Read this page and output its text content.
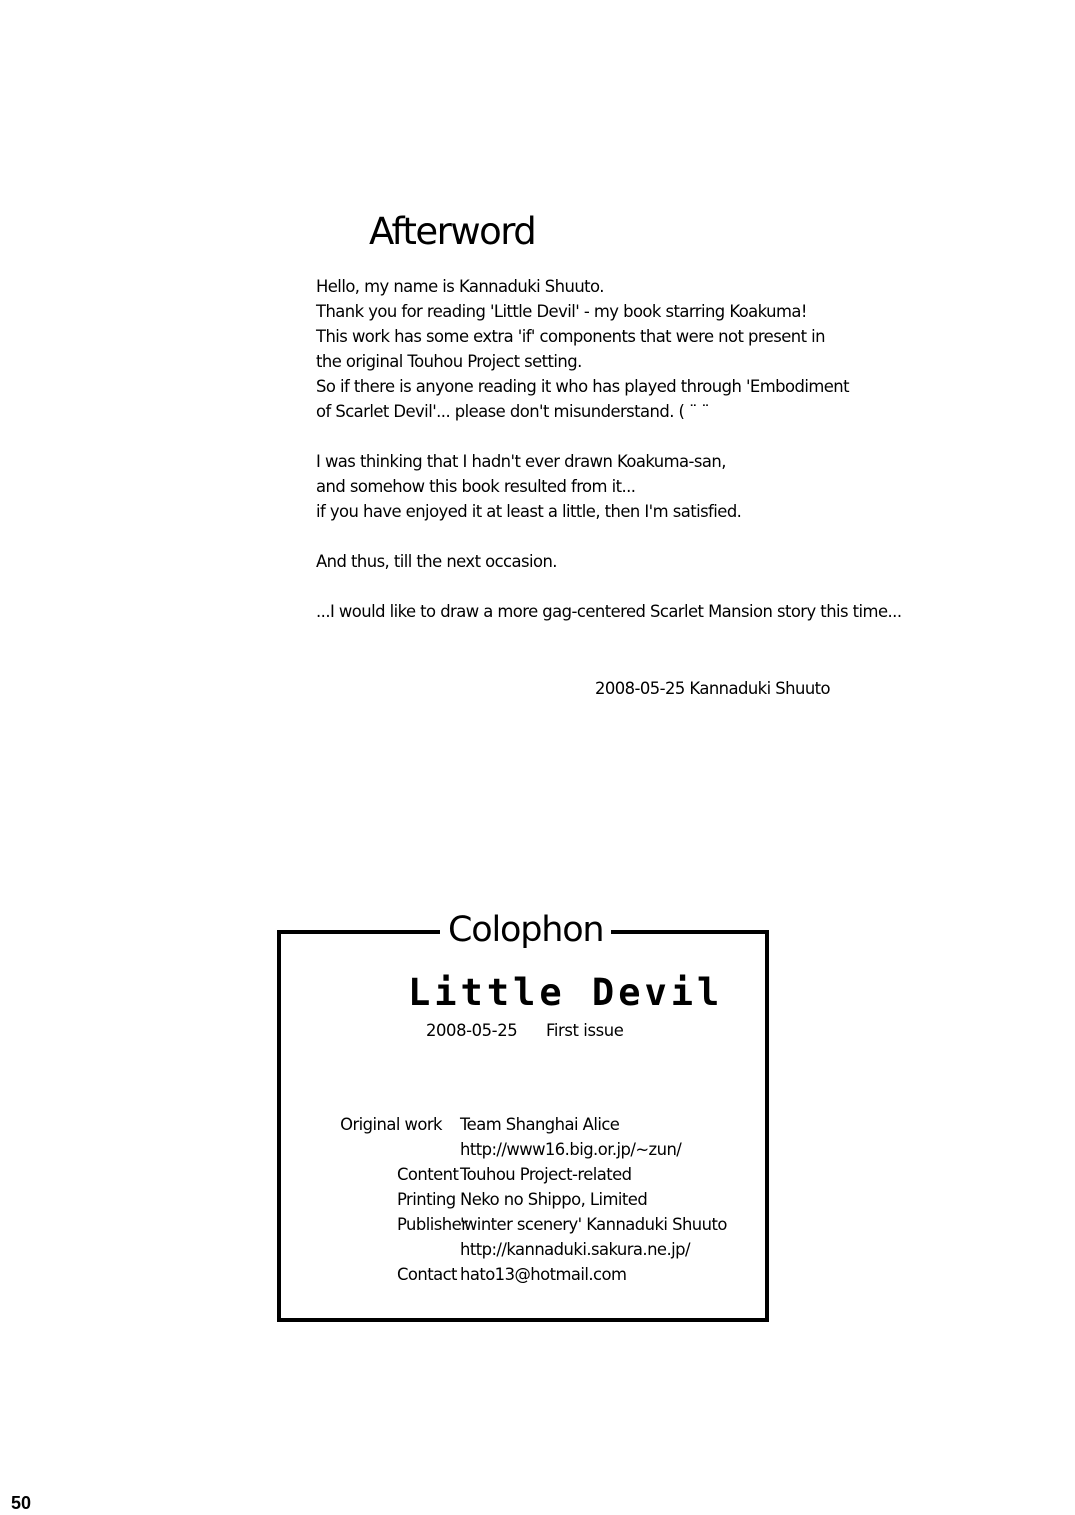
Afterword
Hello, my name is Kannaduki Shuuto.
Thank you for reading 'Little Devil' - my book starring Koakuma!
This work has some extra 'if' components that were not present in
the original Touhou Project setting.
So if there is anyone reading it who has played through 'Embodiment
of Scarlet Devil'... please don't misunderstand. ( ¨ ¨
I was thinking that I hadn't ever drawn Koakuma-san,
and somehow this book resulted from it...
if you have enjoyed it at least a little, then I'm satisfied.
And thus, till the next occasion.
...I would like to draw a more gag-centered Scarlet Mansion story this time...
2008-05-25 Kannaduki Shuuto
Colophon
Little Devil
2008-05-25 First issue
Original work	Team Shanghai Alice
http://www16.big.or.jp/~zun/
Content Touhou Project-related
Printing Neko no Shippo, Limited
Publisher
'winter scenery' Kannaduki Shuuto
http://kannaduki.sakura.ne.jp/
Contact hato13@hotmail.com
50
